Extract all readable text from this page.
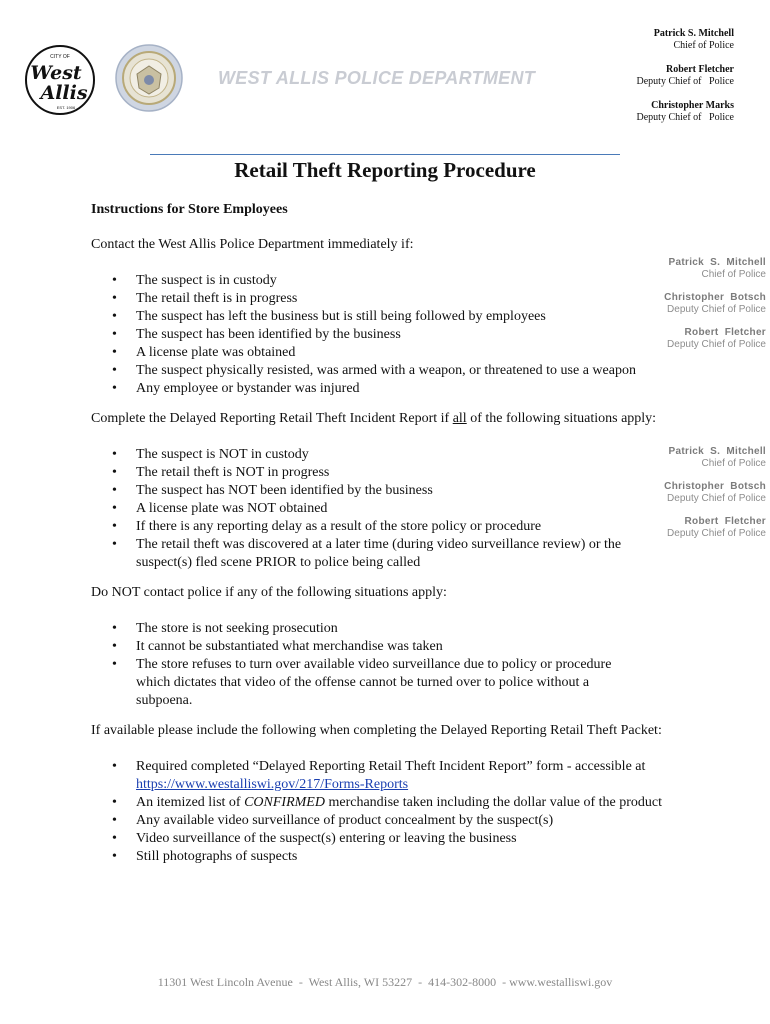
CITY OF
West
Allis
EST. 1906
WEST ALLIS POLICE DEPARTMENT
Patrick S. Mitchell
Chief of Police
Robert Fletcher
Deputy Chief of   Police
Christopher Marks
Deputy Chief of   Police
Retail Theft Reporting Procedure
Patrick  S.  Mitchell
Chief of Police
Christopher  Botsch
Deputy Chief of Police
Robert  Fletcher
Deputy Chief of Police
Patrick  S.  Mitchell
Chief of Police
Christopher  Botsch
Deputy Chief of Police
Robert  Fletcher
Deputy Chief of Police

Instructions for Store Employees

Contact the West Allis Police Department immediately if:

• The suspect is in custody
• The retail theft is in progress
• The suspect has left the business but is still being followed by employees
• The suspect has been identified by the business
• A license plate was obtained
• The suspect physically resisted, was armed with a weapon, or threatened to use a weapon
• Any employee or bystander was injured

Complete the Delayed Reporting Retail Theft Incident Report if all of the following situations apply:

• The suspect is NOT in custody
• The retail theft is NOT in progress
• The suspect has NOT been identified by the business
• A license plate was NOT obtained
• If there is any reporting delay as a result of the store policy or procedure
• The retail theft was discovered at a later time (during video surveillance review) or the suspect(s) fled scene PRIOR to police being called

Do NOT contact police if any of the following situations apply:

• The store is not seeking prosecution
• It cannot be substantiated what merchandise was taken
• The store refuses to turn over available video surveillance due to policy or procedure which dictates that video of the offense cannot be turned over to police without a subpoena.

If available please include the following when completing the Delayed Reporting Retail Theft Packet:

• Required completed “Delayed Reporting Retail Theft Incident Report” form - accessible at https://www.westalliswi.gov/217/Forms-Reports
• An itemized list of CONFIRMED merchandise taken including the dollar value of the product
• Any available video surveillance of product concealment by the suspect(s)
• Video surveillance of the suspect(s) entering or leaving the business
• Still photographs of suspects
11301 West Lincoln Avenue  -  West Allis, WI 53227  -  414-302-8000  - www.westalliswi.gov
